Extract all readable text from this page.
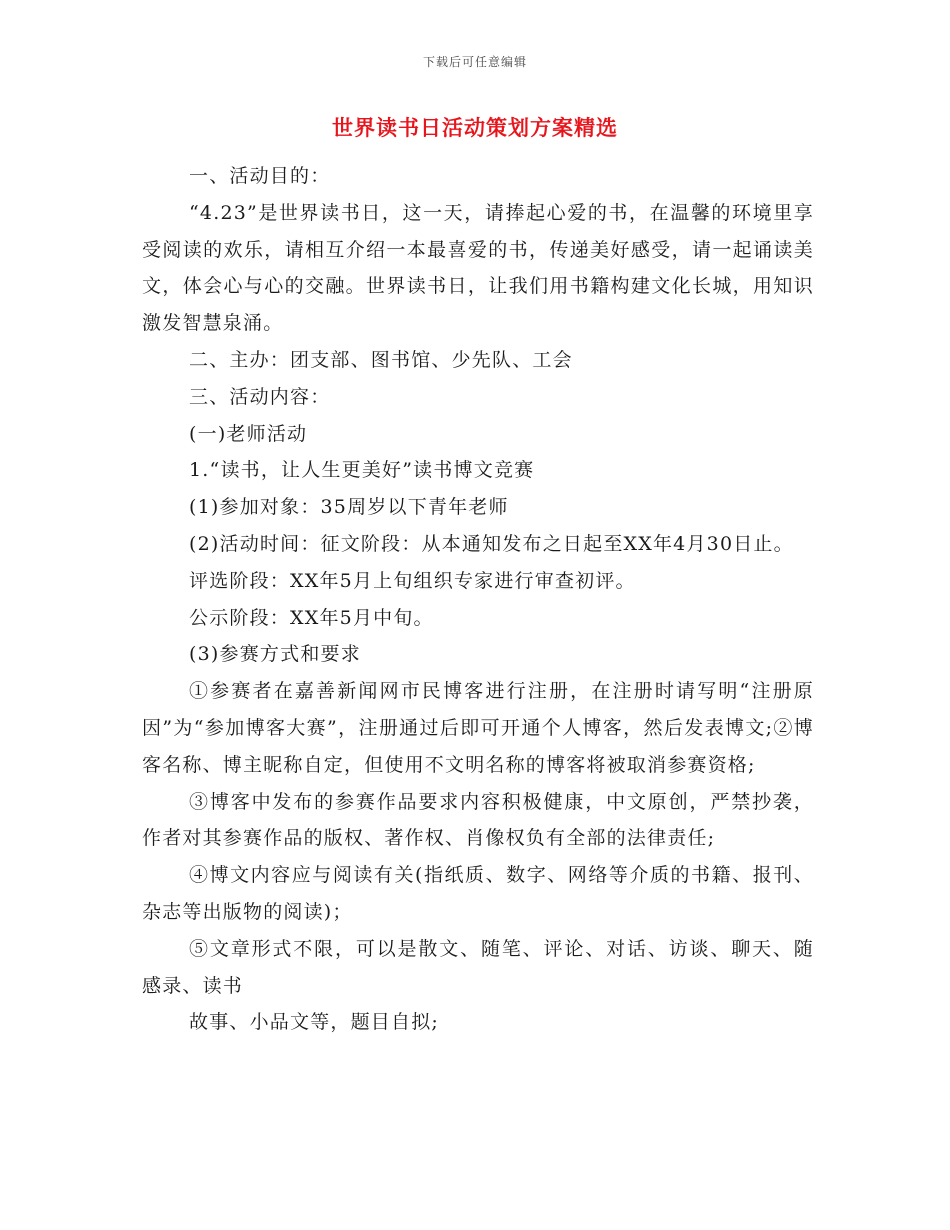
下载后可任意编辑
世界读书日活动策划方案精选

一、活动目的：

“4.23”是世界读书日，这一天，请捧起心爱的书，在温馨的环境里享受阅读的欢乐，请相互介绍一本最喜爱的书，传递美好感受，请一起诵读美文，体会心与心的交融。世界读书日，让我们用书籍构建文化长城，用知识激发智慧泉涌。

二、主办：团支部、图书馆、少先队、工会

三、活动内容：

(一)老师活动

1.“读书，让人生更美好”读书博文竞赛

(1)参加对象：35周岁以下青年老师

(2)活动时间：征文阶段：从本通知发布之日起至XX年4月30日止。

评选阶段：XX年5月上旬组织专家进行审查初评。

公示阶段：XX年5月中旬。

(3)参赛方式和要求

①参赛者在嘉善新闻网市民博客进行注册，在注册时请写明“注册原因”为“参加博客大赛”，注册通过后即可开通个人博客，然后发表博文;②博客名称、博主昵称自定，但使用不文明名称的博客将被取消参赛资格;

③博客中发布的参赛作品要求内容积极健康，中文原创，严禁抄袭，作者对其参赛作品的版权、著作权、肖像权负有全部的法律责任;

④博文内容应与阅读有关(指纸质、数字、网络等介质的书籍、报刊、杂志等出版物的阅读)；

⑤文章形式不限，可以是散文、随笔、评论、对话、访谈、聊天、随感录、读书

故事、小品文等，题目自拟;
